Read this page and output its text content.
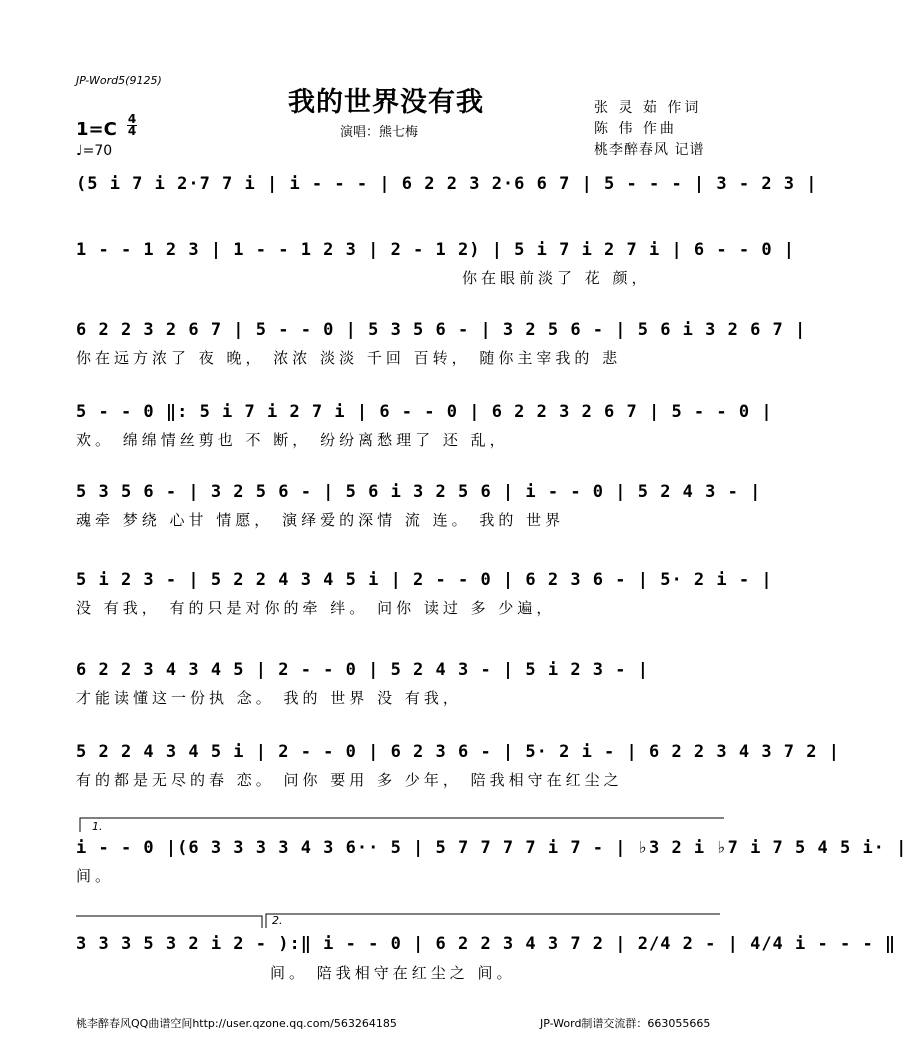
JP-Word5(9125)
我的世界没有我
演唱：熊七梅
1=C 4
4
♩=70
张 灵 茹 作词
陈 伟 作曲
桃李醉春风 记谱
(5 i 7 i 2·7 7 i | i - - - | 6 2 2 3 2·6 6 7 | 5 - - - | 3 - 2 3 |
1 - - 1 2 3 | 1 - - 1 2 3 | 2 - 1 2) | 5 i 7 i 2 7 i | 6 - - 0 |
你在眼前淡了 花 颜，
6 2 2 3 2 6 7 | 5 - - 0 | 5 3 5 6 - | 3 2 5 6 - | 5 6 i 3 2 6 7 |
你在远方浓了 夜 晚， 浓浓 淡淡 千回 百转， 随你主宰我的 悲
5 - - 0 ‖: 5 i 7 i 2 7 i | 6 - - 0 | 6 2 2 3 2 6 7 | 5 - - 0 |
欢。 绵绵情丝剪也 不 断， 纷纷离愁理了 还 乱，
5 3 5 6 - | 3 2 5 6 - | 5 6 i 3 2 5 6 | i - - 0 | 5 2 4 3 - |
魂牵 梦绕 心甘 情愿， 演绎爱的深情 流 连。 我的 世界
5 i 2 3 - | 5 2 2 4 3 4 5 i | 2 - - 0 | 6 2 3 6 - | 5· 2 i - |
没 有我， 有的只是对你的牵 绊。 问你 读过 多 少遍，
6 2 2 3 4 3 4 5 | 2 - - 0 | 5 2 4 3 - | 5 i 2 3 - |
才能读懂这一份执 念。 我的 世界 没 有我，
5 2 2 4 3 4 5 i | 2 - - 0 | 6 2 3 6 - | 5· 2 i - | 6 2 2 3 4 3 7 2 |
有的都是无尽的春 恋。 问你 要用 多 少年， 陪我相守在红尘之
1.
i - - 0 |(6 3 3 3 3 4 3 6·· 5 | 5 7 7 7 7 i 7 - | ♭3 2 i ♭7 i 7 5 4 5 i· |
间。
2.
3 3 3 5 3 2 i 2 - ):‖ i - - 0 | 6 2 2 3 4 3 7 2 | 2/4 2 - | 4/4 i - - - ‖
间。 陪我相守在红尘之 间。
桃李醉春风QQ曲谱空间http://user.qzone.qq.com/563264185	JP-Word制谱交流群：663055665
